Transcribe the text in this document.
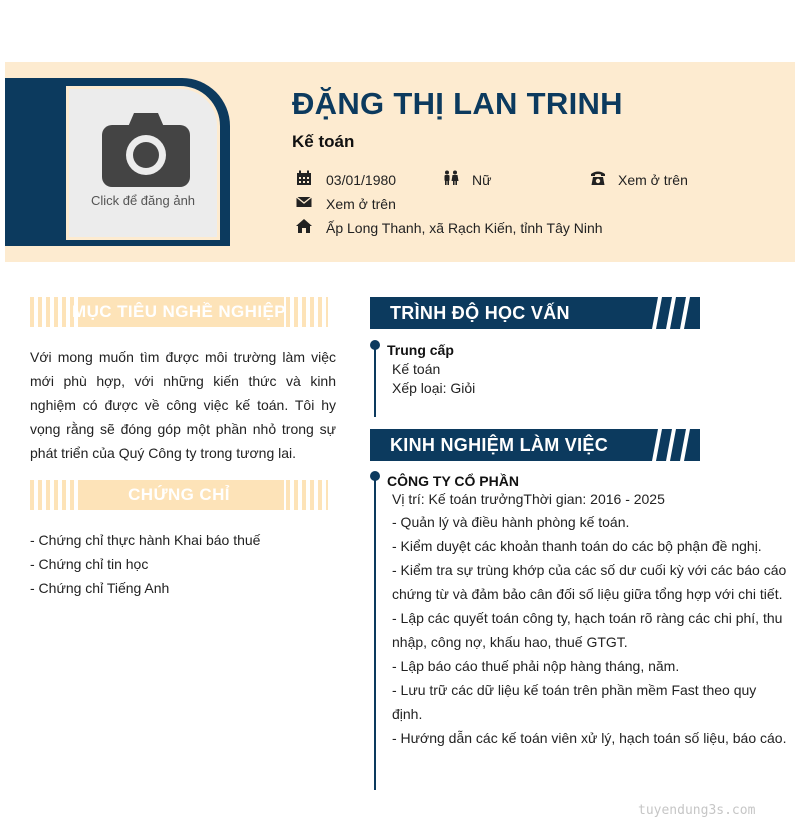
Click để đăng ảnh
ĐẶNG THỊ LAN TRINH
Kế toán
03/01/1980	Nữ	Xem ở trên
Xem ở trên
Ấp Long Thanh, xã Rạch Kiến, tỉnh Tây Ninh
MỤC TIÊU NGHỀ NGHIỆP
Với mong muốn tìm được môi trường làm việc mới phù hợp, với những kiến thức và kinh nghiệm có được về công việc kế toán. Tôi hy vọng rằng sẽ đóng góp một phần nhỏ trong sự phát triển của Quý Công ty trong tương lai.
CHỨNG CHỈ
- Chứng chỉ thực hành Khai báo thuế
- Chứng chỉ tin học
- Chứng chỉ Tiếng Anh
TRÌNH ĐỘ HỌC VẤN
Trung cấp
Kế toán
Xếp loại: Giỏi
KINH NGHIỆM LÀM VIỆC
CÔNG TY CỔ PHẦN
Vị trí: Kế toán trưởngThời gian: 2016 - 2025
- Quản lý và điều hành phòng kế toán.
- Kiểm duyệt các khoản thanh toán do các bộ phận đề nghị.
- Kiểm tra sự trùng khớp của các số dư cuối kỳ với các báo cáo chứng từ và đảm bảo cân đối số liệu giữa tổng hợp với chi tiết.
- Lập các quyết toán công ty, hạch toán rõ ràng các chi phí, thu nhập, công nợ, khấu hao, thuế GTGT.
- Lập báo cáo thuế phải nộp hàng tháng, năm.
- Lưu trữ các dữ liệu kế toán trên phần mềm Fast theo quy định.
- Hướng dẫn các kế toán viên xử lý, hạch toán số liệu, báo cáo.
tuyendung3s.com
